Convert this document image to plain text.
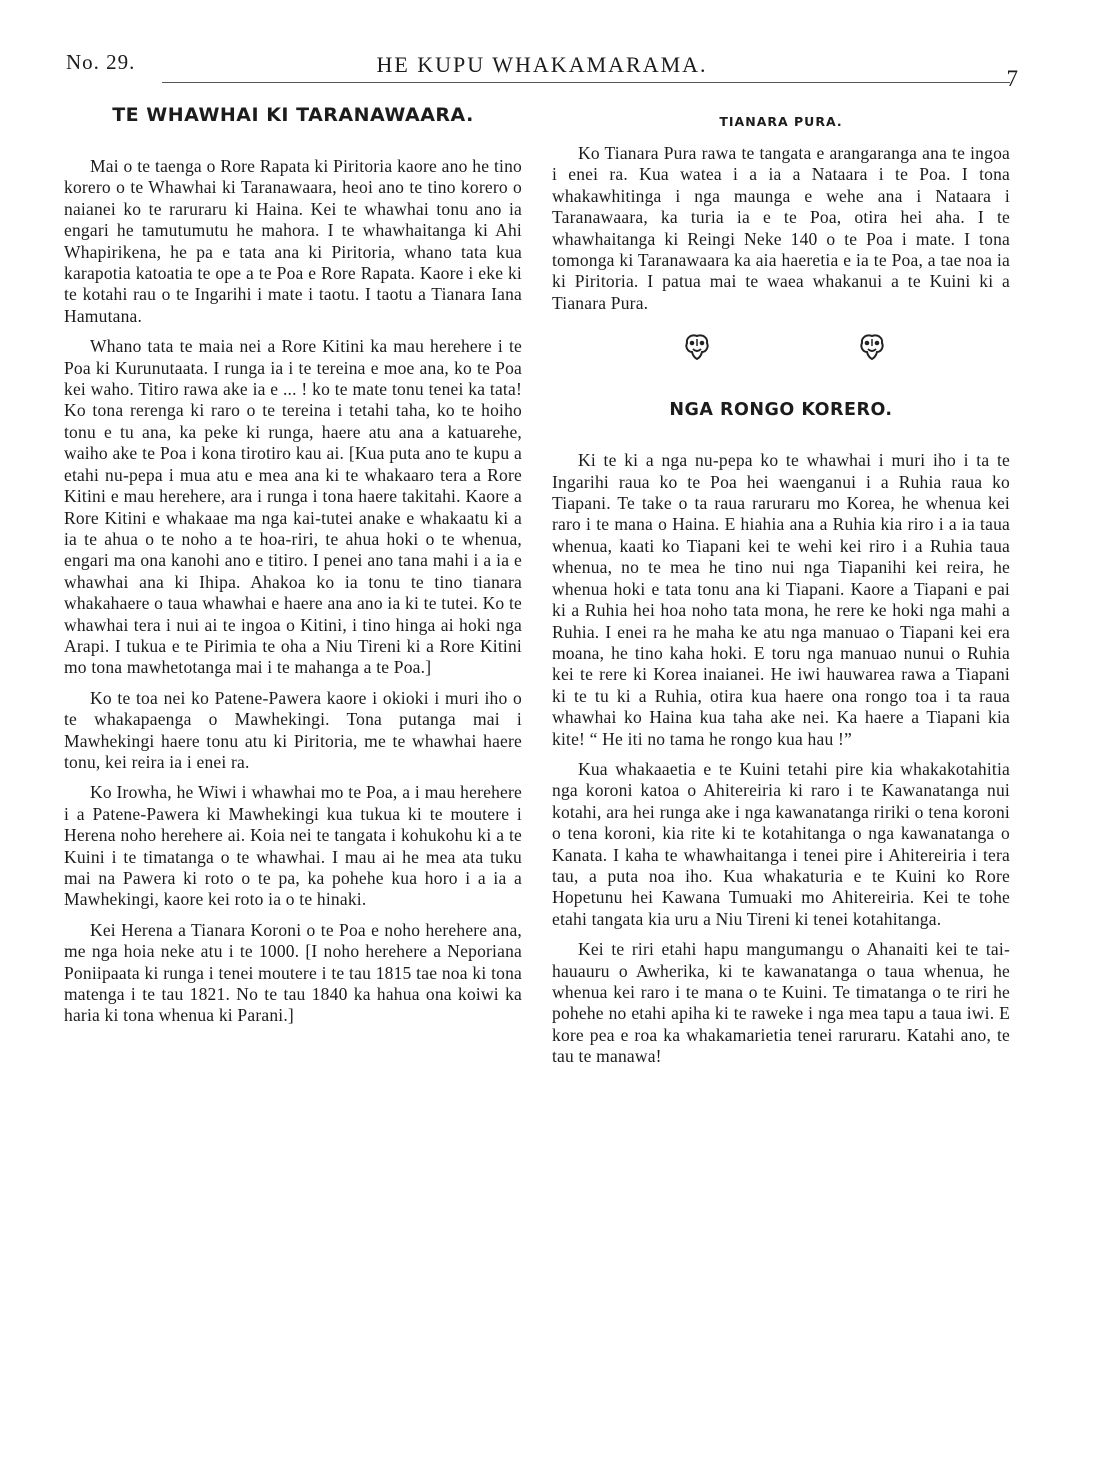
No. 29.	HE KUPU WHAKAMARAMA.
7
TE WHAWHAI KI TARANAWAARA.

Mai o te taenga o Rore Rapata ki Piritoria kaore ano he tino korero o te Whawhai ki Taranawaara, heoi ano te tino korero o naianei ko te raruraru ki Haina. Kei te whawhai tonu ano ia engari he tamutumutu he mahora. I te whawhaitanga ki Ahi Whapirikena, he pa e tata ana ki Piritoria, whano tata kua karapotia katoatia te ope a te Poa e Rore Rapata. Kaore i eke ki te kotahi rau o te Ingarihi i mate i taotu. I taotu a Tianara Iana Hamutana.

Whano tata te maia nei a Rore Kitini ka mau herehere i te Poa ki Kurunutaata. I runga ia i te tereina e moe ana, ko te Poa kei waho. Titiro rawa ake ia e ... ! ko te mate tonu tenei ka tata! Ko tona rerenga ki raro o te tereina i tetahi taha, ko te hoiho tonu e tu ana, ka peke ki runga, haere atu ana a katuarehe, waiho ake te Poa i kona tirotiro kau ai. [Kua puta ano te kupu a etahi nu-pepa i mua atu e mea ana ki te whakaaro tera a Rore Kitini e mau herehere, ara i runga i tona haere takitahi. Kaore a Rore Kitini e whakaae ma nga kai-tutei anake e whakaatu ki a ia te ahua o te noho a te hoa-riri, te ahua hoki o te whenua, engari ma ona kanohi ano e titiro. I penei ano tana mahi i a ia e whawhai ana ki Ihipa. Ahakoa ko ia tonu te tino tianara whakahaere o taua whawhai e haere ana ano ia ki te tutei. Ko te whawhai tera i nui ai te ingoa o Kitini, i tino hinga ai hoki nga Arapi. I tukua e te Pirimia te oha a Niu Tireni ki a Rore Kitini mo tona mawhetotanga mai i te mahanga a te Poa.]

Ko te toa nei ko Patene-Pawera kaore i okioki i muri iho o te whakapaenga o Mawhekingi. Tona putanga mai i Mawhekingi haere tonu atu ki Piritoria, me te whawhai haere tonu, kei reira ia i enei ra.

Ko Irowha, he Wiwi i whawhai mo te Poa, a i mau herehere i a Patene-Pawera ki Mawhekingi kua tukua ki te moutere i Herena noho herehere ai. Koia nei te tangata i kohukohu ki a te Kuini i te timatanga o te whawhai. I mau ai he mea ata tuku mai na Pawera ki roto o te pa, ka pohehe kua horo i a ia a Mawhekingi, kaore kei roto ia o te hinaki.

Kei Herena a Tianara Koroni o te Poa e noho herehere ana, me nga hoia neke atu i te 1000. [I noho herehere a Neporiana Poniipaata ki runga i tenei moutere i te tau 1815 tae noa ki tona matenga i te tau 1821. No te tau 1840 ka hahua ona koiwi ka haria ki tona whenua ki Parani.]

TIANARA PURA.

Ko Tianara Pura rawa te tangata e arangaranga ana te ingoa i enei ra. Kua watea i a ia a Nataara i te Poa. I tona whakawhitinga i nga maunga e wehe ana i Nataara i Taranawaara, ka turia ia e te Poa, otira hei aha. I te whawhaitanga ki Reingi Neke 140 o te Poa i mate. I tona tomonga ki Taranawaara ka aia haeretia e ia te Poa, a tae noa ia ki Piritoria. I patua mai te waea whakanui a te Kuini ki a Tianara Pura.

NGA RONGO KORERO.

Ki te ki a nga nu-pepa ko te whawhai i muri iho i ta te Ingarihi raua ko te Poa hei waenganui i a Ruhia raua ko Tiapani. Te take o ta raua raruraru mo Korea, he whenua kei raro i te mana o Haina. E hiahia ana a Ruhia kia riro i a ia taua whenua, kaati ko Tiapani kei te wehi kei riro i a Ruhia taua whenua, no te mea he tino nui nga Tiapanihi kei reira, he whenua hoki e tata tonu ana ki Tiapani. Kaore a Tiapani e pai ki a Ruhia hei hoa noho tata mona, he rere ke hoki nga mahi a Ruhia. I enei ra he maha ke atu nga manuao o Tiapani kei era moana, he tino kaha hoki. E toru nga manuao nunui o Ruhia kei te rere ki Korea inaianei. He iwi hauwarea rawa a Tiapani ki te tu ki a Ruhia, otira kua haere ona rongo toa i ta raua whawhai ko Haina kua taha ake nei. Ka haere a Tiapani kia kite! “ He iti no tama he rongo kua hau !”

Kua whakaaetia e te Kuini tetahi pire kia whakakotahitia nga koroni katoa o Ahitereiria ki raro i te Kawanatanga nui kotahi, ara hei runga ake i nga kawanatanga ririki o tena koroni o tena koroni, kia rite ki te kotahitanga o nga kawanatanga o Kanata. I kaha te whawhaitanga i tenei pire i Ahitereiria i tera tau, a puta noa iho. Kua whakaturia e te Kuini ko Rore Hopetunu hei Kawana Tumuaki mo Ahitereiria. Kei te tohe etahi tangata kia uru a Niu Tireni ki tenei kotahitanga.

Kei te riri etahi hapu mangumangu o Ahanaiti kei te tai-hauauru o Awherika, ki te kawanatanga o taua whenua, he whenua kei raro i te mana o te Kuini. Te timatanga o te riri he pohehe no etahi apiha ki te raweke i nga mea tapu a taua iwi. E kore pea e roa ka whakamarietia tenei raruraru. Katahi ano, te tau te manawa!
